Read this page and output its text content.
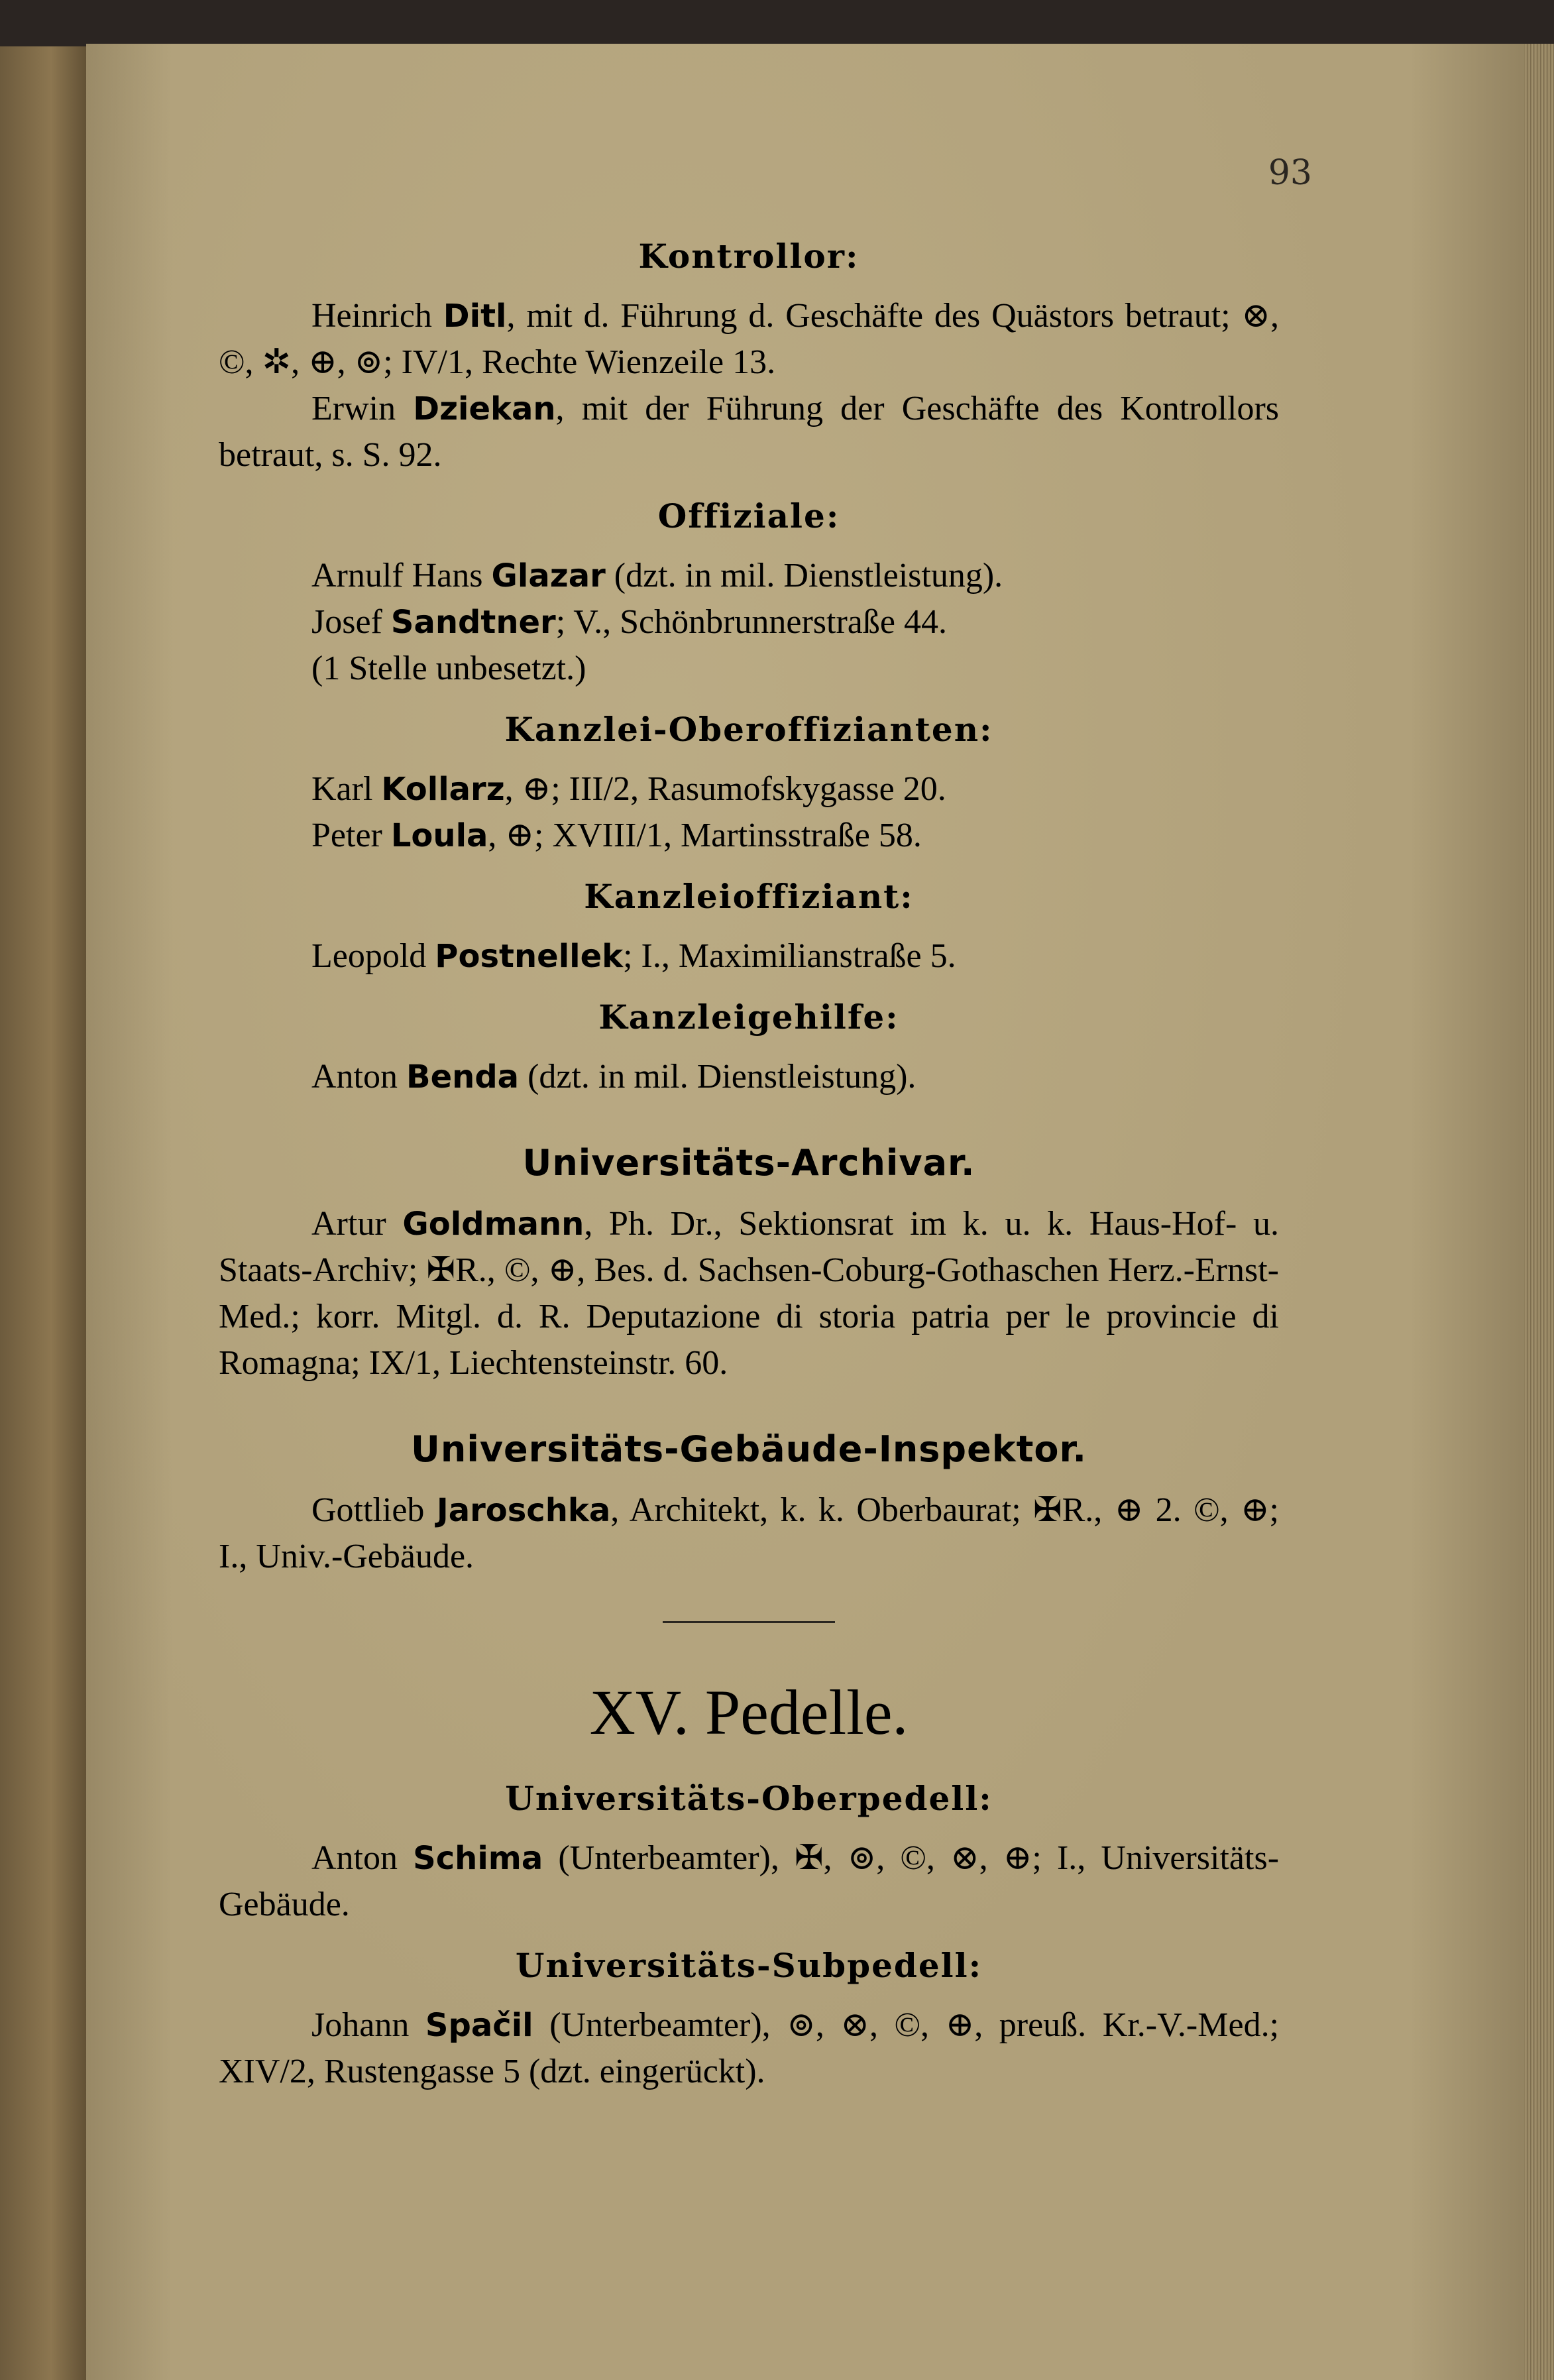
93
Kontrollor:

Heinrich Ditl, mit d. Führung d. Geschäfte des Quästors betraut; ⊗, ©, ✲, ⊕, ⊚; IV/1, Rechte Wienzeile 13.

Erwin Dziekan, mit der Führung der Geschäfte des Kontrollors betraut, s. S. 92.

Offiziale:

Arnulf Hans Glazar (dzt. in mil. Dienstleistung).

Josef Sandtner; V., Schönbrunnerstraße 44.

(1 Stelle unbesetzt.)

Kanzlei-Oberoffizianten:

Karl Kollarz, ⊕; III/2, Rasumofskygasse 20.

Peter Loula, ⊕; XVIII/1, Martinsstraße 58.

Kanzleioffiziant:

Leopold Postnellek; I., Maximilianstraße 5.

Kanzleigehilfe:

Anton Benda (dzt. in mil. Dienstleistung).

Universitäts-Archivar.

Artur Goldmann, Ph. Dr., Sektionsrat im k. u. k. Haus-Hof- u. Staats-Archiv; ✠R., ©, ⊕, Bes. d. Sachsen-Coburg-Gothaschen Herz.-Ernst-Med.; korr. Mitgl. d. R. Deputazione di storia patria per le provincie di Romagna; IX/1, Liechtensteinstr. 60.

Universitäts-Gebäude-Inspektor.

Gottlieb Jaroschka, Architekt, k. k. Oberbaurat; ✠R., ⊕ 2. ©, ⊕; I., Univ.-Gebäude.

XV. Pedelle.
Universitäts-Oberpedell:

Anton Schima (Unterbeamter), ✠, ⊚, ©, ⊗, ⊕; I., Universitäts-Gebäude.

Universitäts-Subpedell:

Johann Spačil (Unterbeamter), ⊚, ⊗, ©, ⊕, preuß. Kr.-V.-Med.; XIV/2, Rustengasse 5 (dzt. eingerückt).
